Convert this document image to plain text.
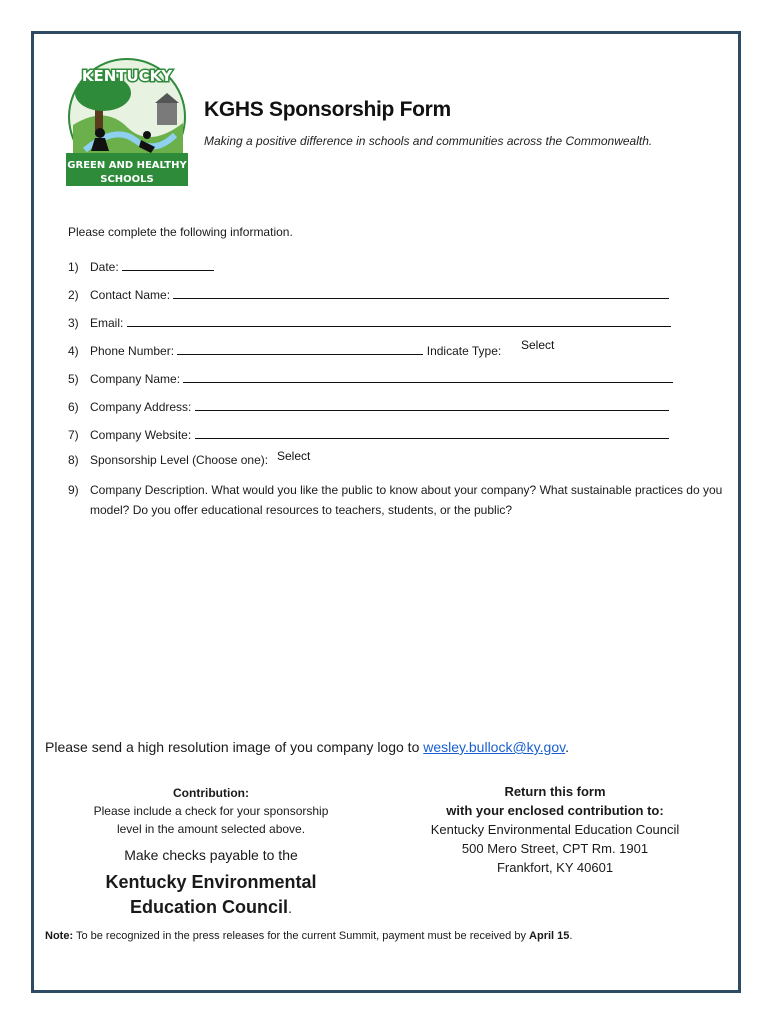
KENTUCKY
GREEN AND HEALTHY
SCHOOLS
KGHS Sponsorship Form
Making a positive difference in schools and communities across the Commonwealth.
Please complete the following information.
1) Date:
2) Contact Name:
3) Email:
4) Phone Number:	Indicate Type: Select
5) Company Name:
6) Company Address:
7) Company Website:
8) Sponsorship Level (Choose one): Select
9) Company Description. What would you like the public to know about your company? What sustainable practices do you model? Do you offer educational resources to teachers, students, or the public?
Please send a high resolution image of you company logo to wesley.bullock@ky.gov.
Contribution:
Please include a check for your sponsorship
level in the amount selected above.
Make checks payable to the
Kentucky Environmental
Education Council.
Return this form
with your enclosed contribution to:
Kentucky Environmental Education Council
500 Mero Street, CPT Rm. 1901
Frankfort, KY 40601
Note: To be recognized in the press releases for the current Summit, payment must be received by April 15.
